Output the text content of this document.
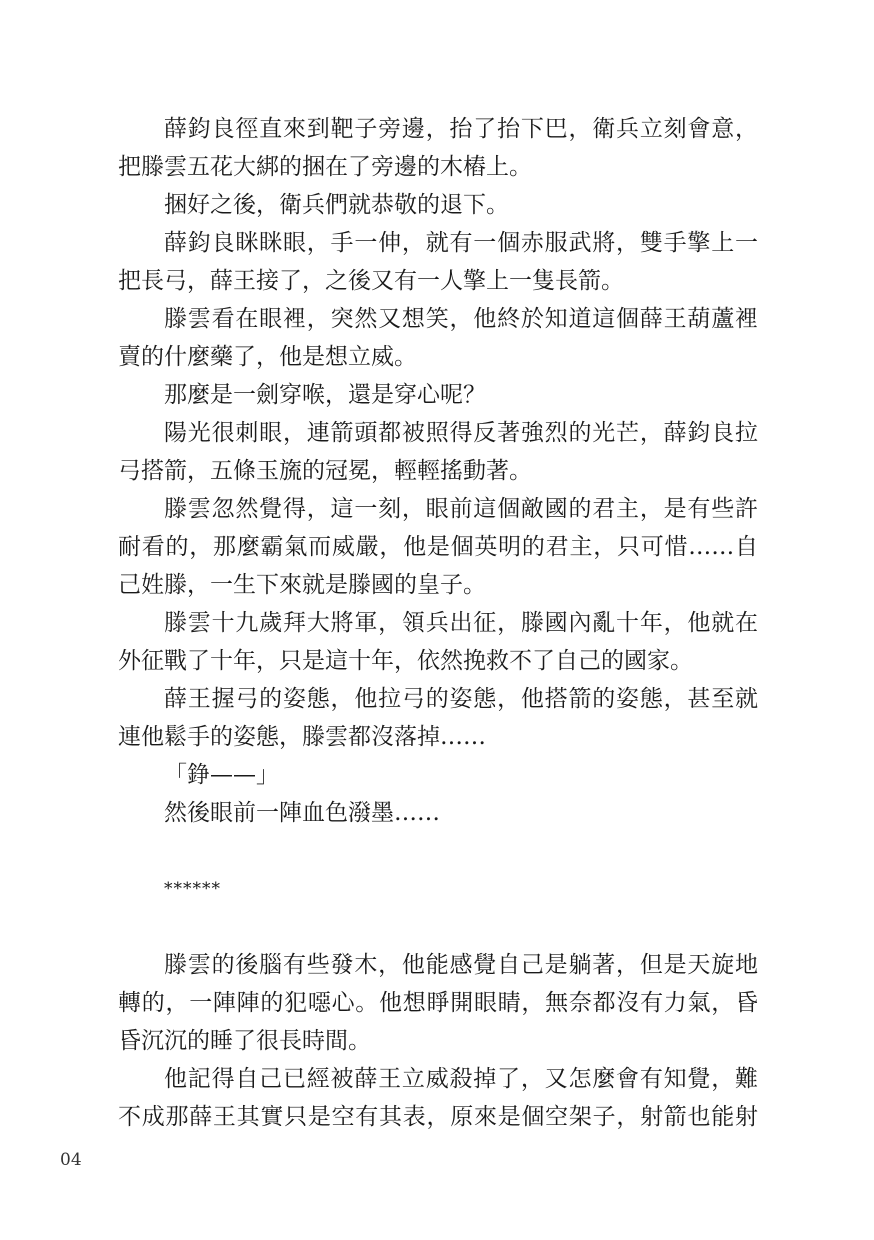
薛鈞良徑直來到靶子旁邊，抬了抬下巴，衛兵立刻會意，
把滕雲五花大綁的捆在了旁邊的木樁上。
捆好之後，衛兵們就恭敬的退下。
薛鈞良眯眯眼，手一伸，就有一個赤服武將，雙手擎上一
把長弓，薛王接了，之後又有一人擎上一隻長箭。
滕雲看在眼裡，突然又想笑，他終於知道這個薛王葫蘆裡
賣的什麼藥了，他是想立威。
那麼是一劍穿喉，還是穿心呢？
陽光很刺眼，連箭頭都被照得反著強烈的光芒，薛鈞良拉
弓搭箭，五條玉旒的冠冕，輕輕搖動著。
滕雲忽然覺得，這一刻，眼前這個敵國的君主，是有些許
耐看的，那麼霸氣而威嚴，他是個英明的君主，只可惜……自
己姓滕，一生下來就是滕國的皇子。
滕雲十九歲拜大將軍，領兵出征，滕國內亂十年，他就在
外征戰了十年，只是這十年，依然挽救不了自己的國家。
薛王握弓的姿態，他拉弓的姿態，他搭箭的姿態，甚至就
連他鬆手的姿態，滕雲都沒落掉……
「錚——」
然後眼前一陣血色潑墨……
******
滕雲的後腦有些發木，他能感覺自己是躺著，但是天旋地
轉的，一陣陣的犯噁心。他想睜開眼睛，無奈都沒有力氣，昏
昏沉沉的睡了很長時間。
他記得自己已經被薛王立威殺掉了，又怎麼會有知覺，難
不成那薛王其實只是空有其表，原來是個空架子，射箭也能射
04
